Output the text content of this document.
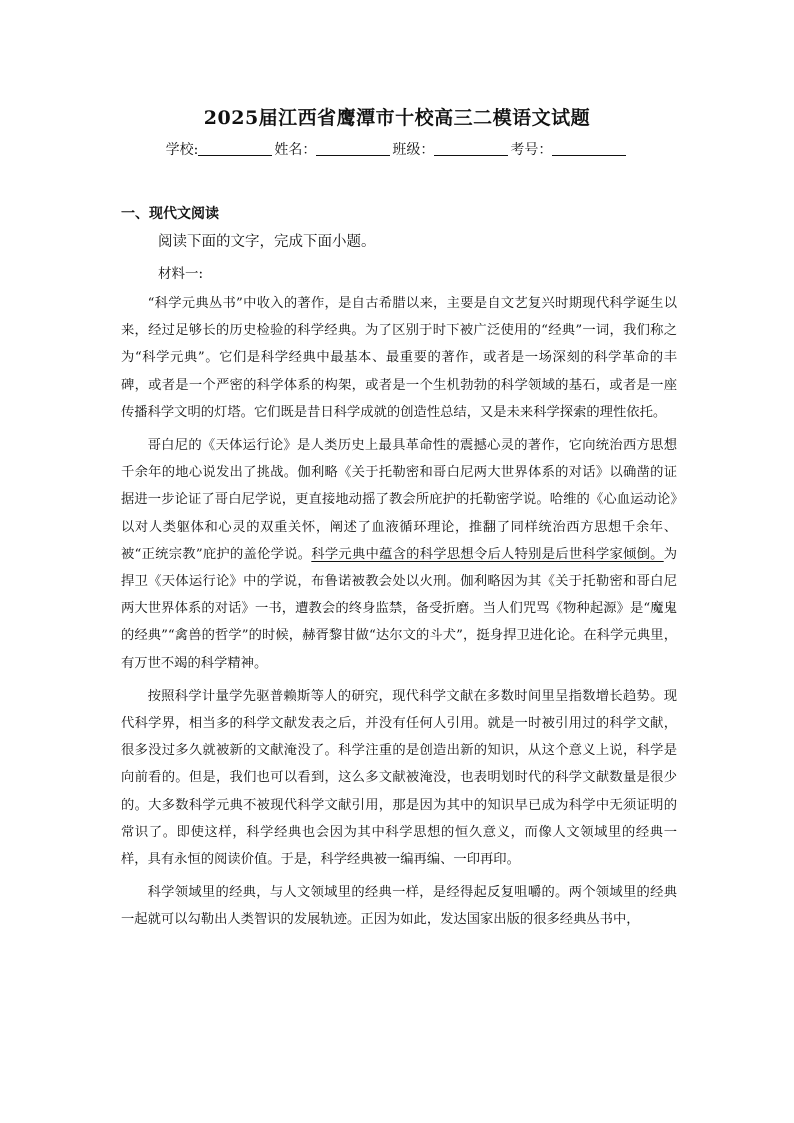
2025届江西省鹰潭市十校高三二模语文试题
学校:	姓名：	班级：	考号：
一、现代文阅读
阅读下面的文字，完成下面小题。
材料一:

“科学元典丛书”中收入的著作，是自古希腊以来，主要是自文艺复兴时期现代科学诞生以来，经过足够长的历史检验的科学经典。为了区别于时下被广泛使用的“经典”一词，我们称之为“科学元典”。它们是科学经典中最基本、最重要的著作，或者是一场深刻的科学革命的丰碑，或者是一个严密的科学体系的构架，或者是一个生机勃勃的科学领域的基石，或者是一座传播科学文明的灯塔。它们既是昔日科学成就的创造性总结，又是未来科学探索的理性依托。

哥白尼的《天体运行论》是人类历史上最具革命性的震撼心灵的著作，它向统治西方思想千余年的地心说发出了挑战。伽利略《关于托勒密和哥白尼两大世界体系的对话》以确凿的证据进一步论证了哥白尼学说，更直接地动摇了教会所庇护的托勒密学说。哈维的《心血运动论》以对人类躯体和心灵的双重关怀，阐述了血液循环理论，推翻了同样统治西方思想千余年、被“正统宗教”庇护的盖伦学说。科学元典中蕴含的科学思想令后人特别是后世科学家倾倒。为捍卫《天体运行论》中的学说，布鲁诺被教会处以火刑。伽利略因为其《关于托勒密和哥白尼两大世界体系的对话》一书，遭教会的终身监禁，备受折磨。当人们咒骂《物种起源》是“魔鬼的经典”“禽兽的哲学”的时候，赫胥黎甘做“达尔文的斗犬”，挺身捍卫进化论。在科学元典里，有万世不竭的科学精神。

按照科学计量学先驱普赖斯等人的研究，现代科学文献在多数时间里呈指数增长趋势。现代科学界，相当多的科学文献发表之后，并没有任何人引用。就是一时被引用过的科学文献，很多没过多久就被新的文献淹没了。科学注重的是创造出新的知识，从这个意义上说，科学是向前看的。但是，我们也可以看到，这么多文献被淹没，也表明划时代的科学文献数量是很少的。大多数科学元典不被现代科学文献引用，那是因为其中的知识早已成为科学中无须证明的常识了。即使这样，科学经典也会因为其中科学思想的恒久意义，而像人文领域里的经典一样，具有永恒的阅读价值。于是，科学经典被一编再编、一印再印。

科学领域里的经典，与人文领域里的经典一样，是经得起反复咀嚼的。两个领域里的经典一起就可以勾勒出人类智识的发展轨迹。正因为如此，发达国家出版的很多经典丛书中，
